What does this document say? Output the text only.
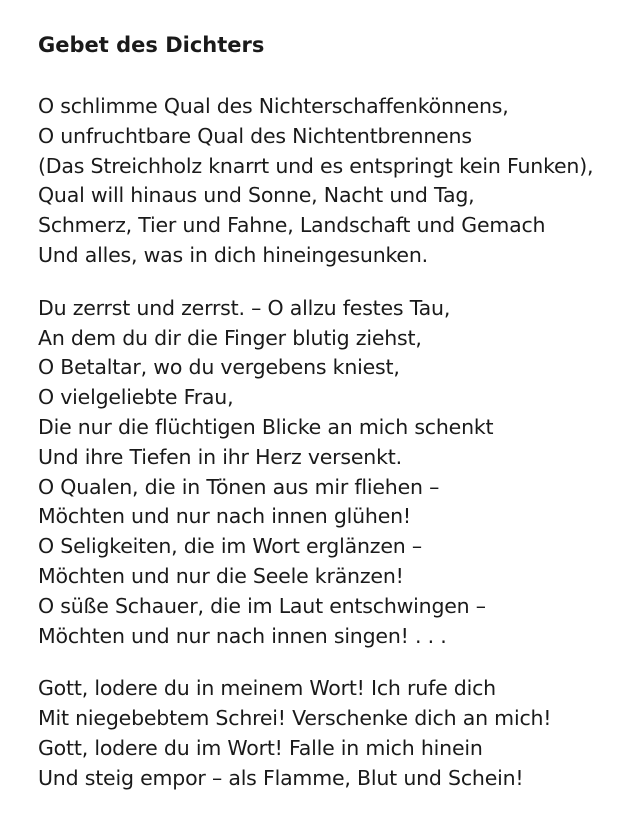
Gebet des Dichters
O schlimme Qual des Nichterschaffenkönnens,
O unfruchtbare Qual des Nichtentbrennens
(Das Streichholz knarrt und es entspringt kein Funken),
Qual will hinaus und Sonne, Nacht und Tag,
Schmerz, Tier und Fahne, Landschaft und Gemach
Und alles, was in dich hineingesunken.
Du zerrst und zerrst. – O allzu festes Tau,
An dem du dir die Finger blutig ziehst,
O Betaltar, wo du vergebens kniest,
O vielgeliebte Frau,
Die nur die flüchtigen Blicke an mich schenkt
Und ihre Tiefen in ihr Herz versenkt.
O Qualen, die in Tönen aus mir fliehen –
Möchten und nur nach innen glühen!
O Seligkeiten, die im Wort erglänzen –
Möchten und nur die Seele kränzen!
O süße Schauer, die im Laut entschwingen –
Möchten und nur nach innen singen! . . .
Gott, lodere du in meinem Wort! Ich rufe dich
Mit niegebebtem Schrei! Verschenke dich an mich!
Gott, lodere du im Wort! Falle in mich hinein
Und steig empor – als Flamme, Blut und Schein!
